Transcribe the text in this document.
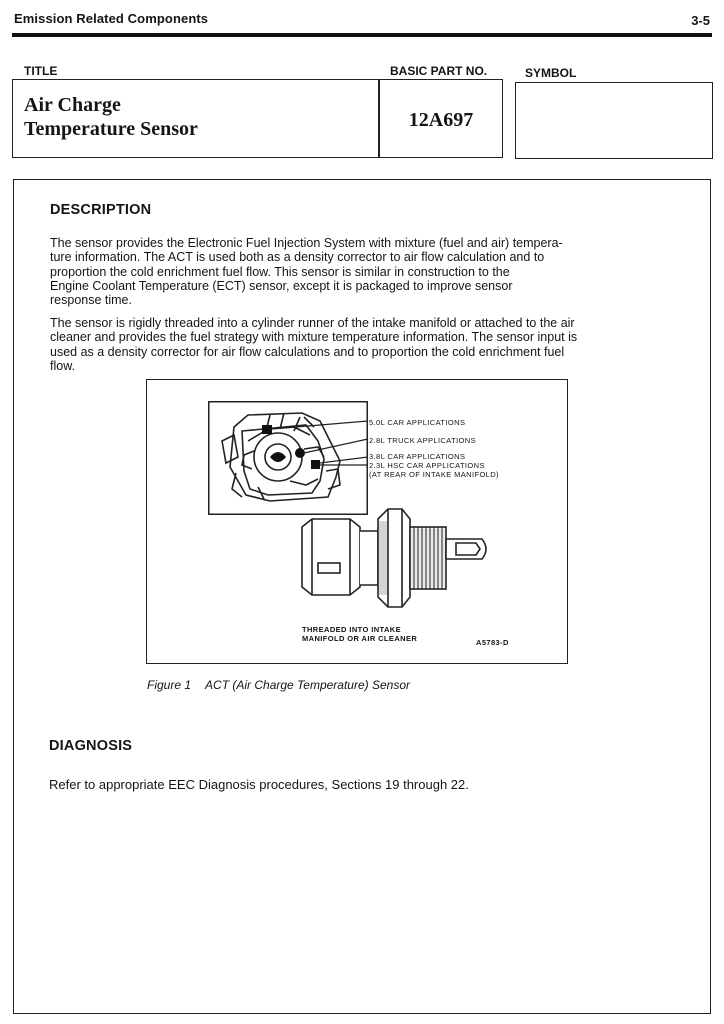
Emission Related Components	3-5
TITLE	BASIC PART NO.	SYMBOL
Air Charge
Temperature Sensor	12A697
DESCRIPTION
The sensor provides the Electronic Fuel Injection System with mixture (fuel and air) tempera-
ture information. The ACT is used both as a density corrector to air flow calculation and to
proportion the cold enrichment fuel flow. This sensor is similar in construction to the
Engine Coolant Temperature (ECT) sensor, except it is packaged to improve sensor
response time.
The sensor is rigidly threaded into a cylinder runner of the intake manifold or attached to the air
cleaner and provides the fuel strategy with mixture temperature information. The sensor input is
used as a density corrector for air flow calculations and to proportion the cold enrichment fuel
flow.
5.0L CAR APPLICATIONS
2.8L TRUCK APPLICATIONS
3.8L CAR APPLICATIONS
2.3L HSC CAR APPLICATIONS
(AT REAR OF INTAKE MANIFOLD)
THREADED INTO INTAKE
MANIFOLD OR AIR CLEANER	A5783-D
Figure 1 ACT (Air Charge Temperature) Sensor
DIAGNOSIS
Refer to appropriate EEC Diagnosis procedures, Sections 19 through 22.
